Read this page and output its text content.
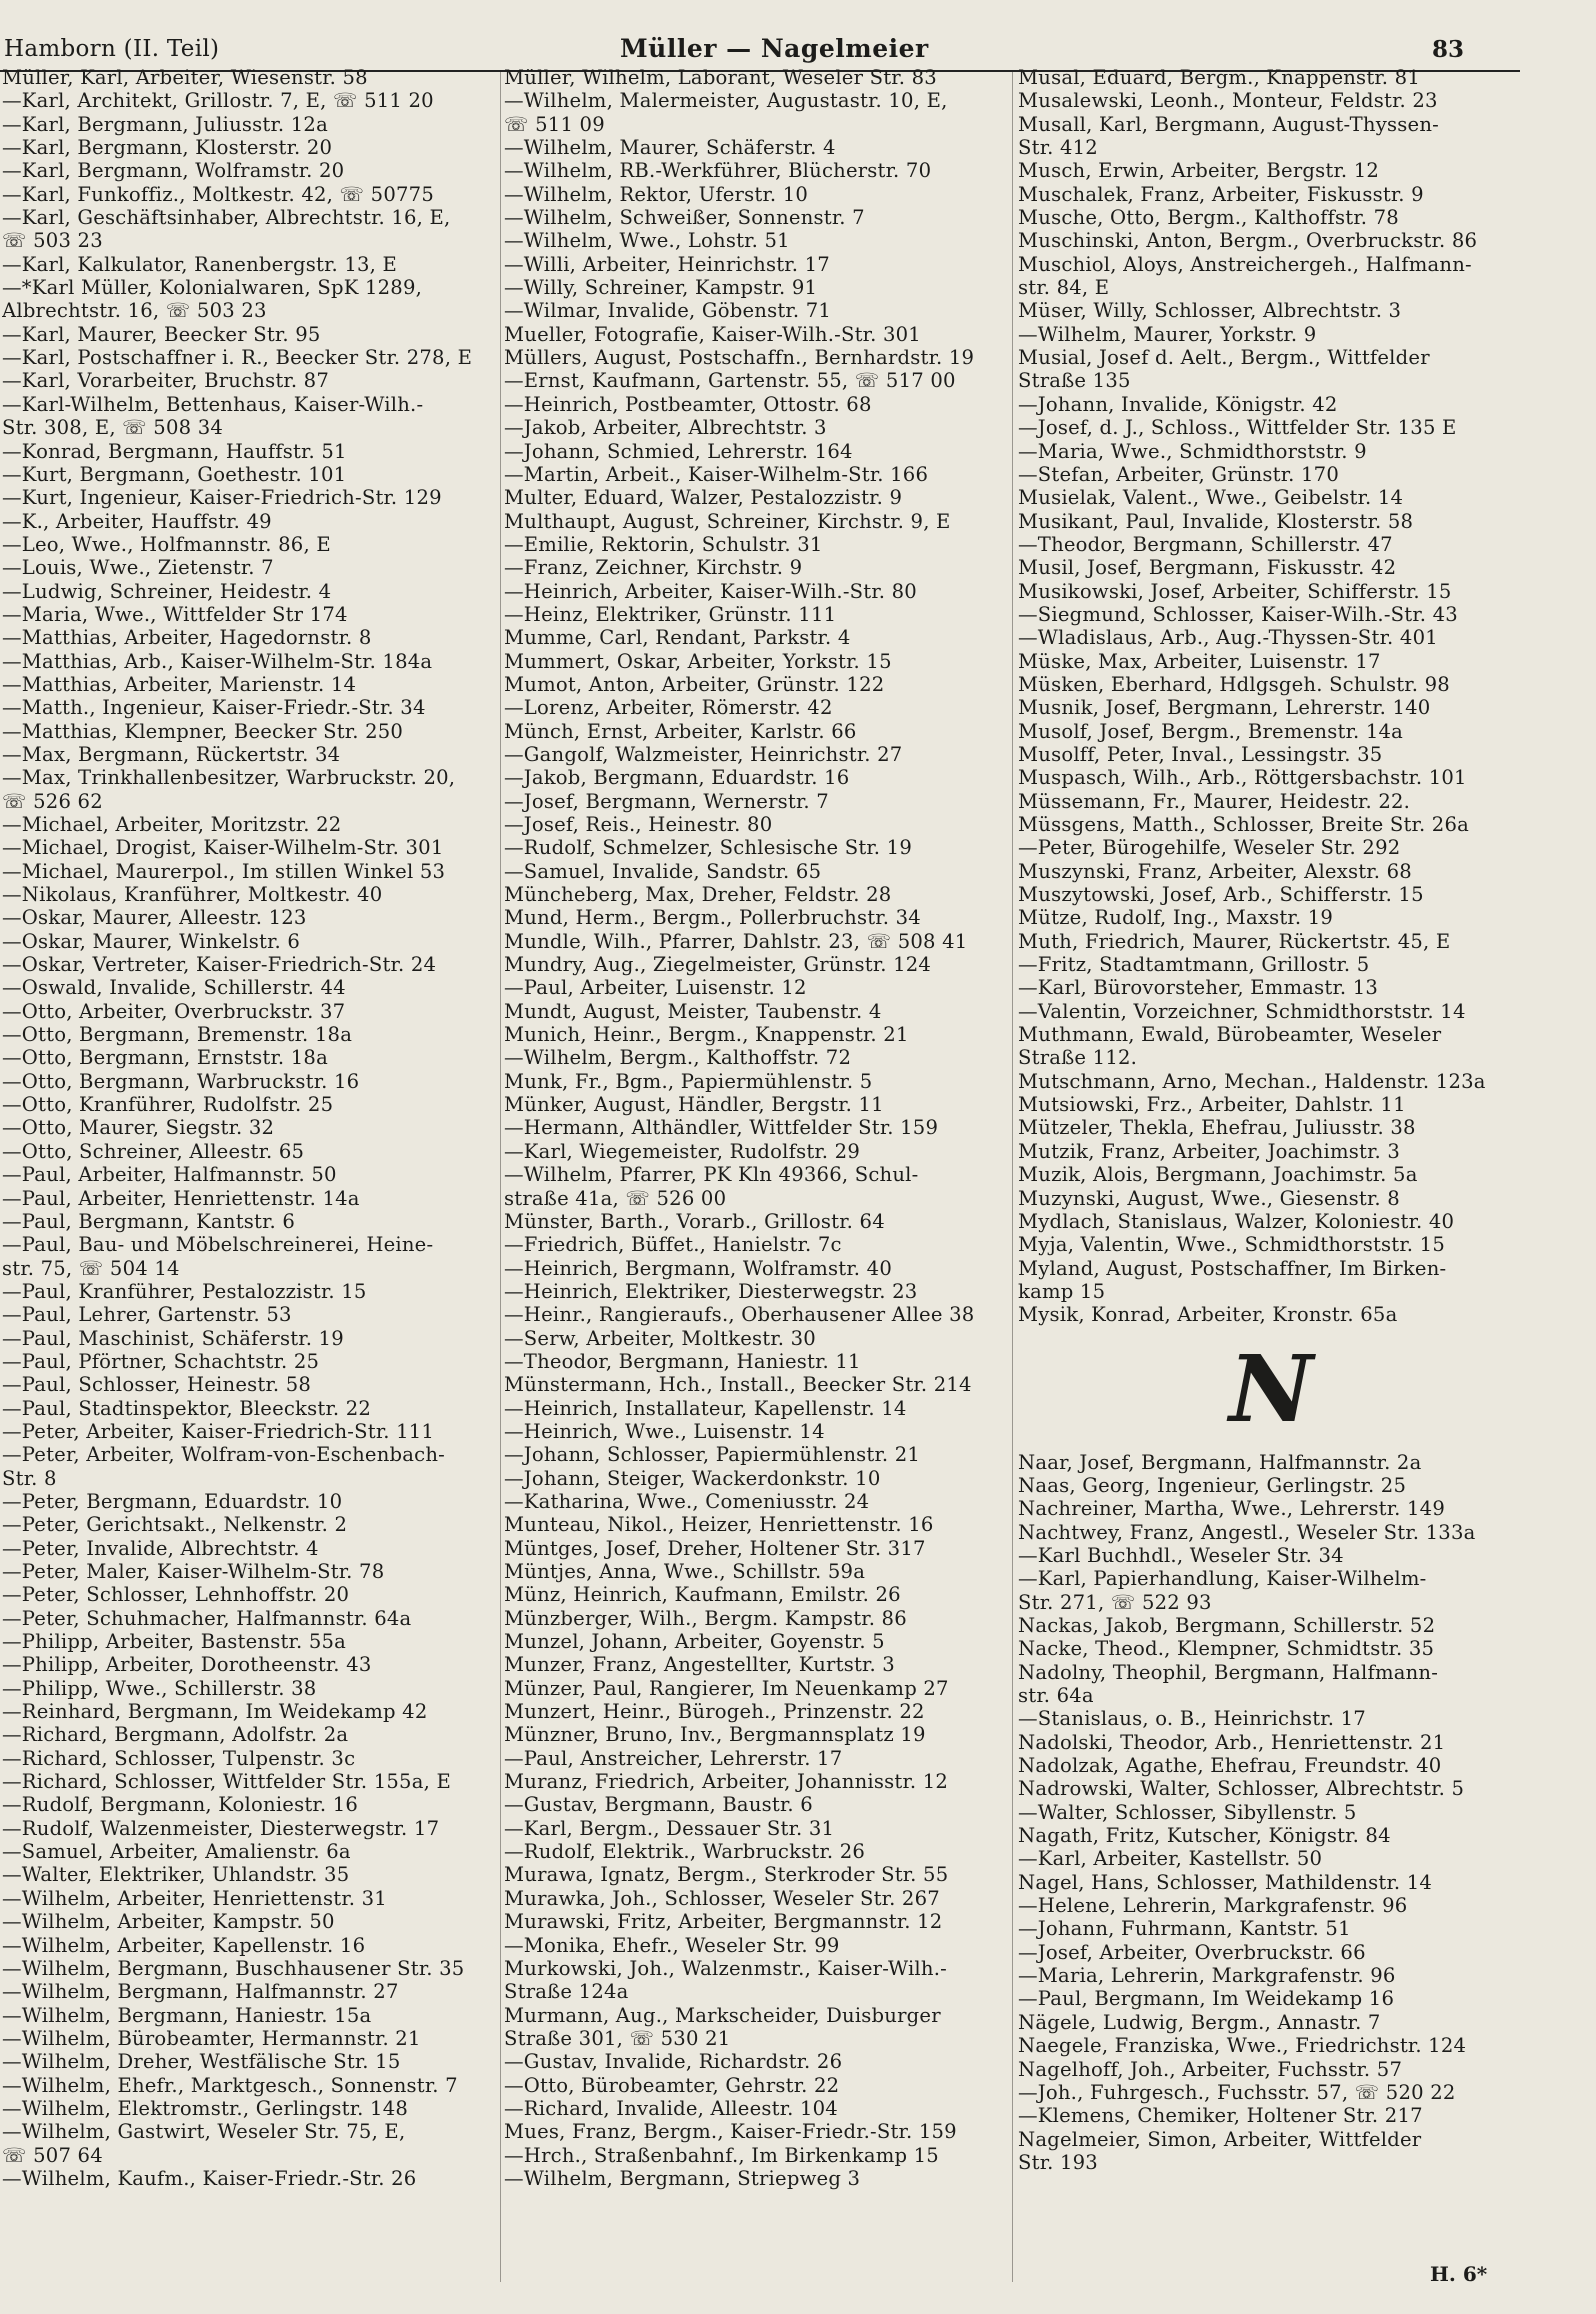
Hamborn (II. Teil)	Müller — Nagelmeier	83
Müller, Karl, Arbeiter, Wiesenstr. 58
—Karl, Architekt, Grillostr. 7, E, ☏ 511 20
—Karl, Bergmann, Juliusstr. 12a
—Karl, Bergmann, Klosterstr. 20
—Karl, Bergmann, Wolframstr. 20
—Karl, Funkoffiz., Moltkestr. 42, ☏ 50775
—Karl, Geschäftsinhaber, Albrechtstr. 16, E,
☏ 503 23
—Karl, Kalkulator, Ranenbergstr. 13, E
—*Karl Müller, Kolonialwaren, SpK 1289,
Albrechtstr. 16, ☏ 503 23
—Karl, Maurer, Beecker Str. 95
—Karl, Postschaffner i. R., Beecker Str. 278, E
—Karl, Vorarbeiter, Bruchstr. 87
—Karl-Wilhelm, Bettenhaus, Kaiser-Wilh.-
Str. 308, E, ☏ 508 34
—Konrad, Bergmann, Hauffstr. 51
—Kurt, Bergmann, Goethestr. 101
—Kurt, Ingenieur, Kaiser-Friedrich-Str. 129
—K., Arbeiter, Hauffstr. 49
—Leo, Wwe., Holfmannstr. 86, E
—Louis, Wwe., Zietenstr. 7
—Ludwig, Schreiner, Heidestr. 4
—Maria, Wwe., Wittfelder Str 174
—Matthias, Arbeiter, Hagedornstr. 8
—Matthias, Arb., Kaiser-Wilhelm-Str. 184a
—Matthias, Arbeiter, Marienstr. 14
—Matth., Ingenieur, Kaiser-Friedr.-Str. 34
—Matthias, Klempner, Beecker Str. 250
—Max, Bergmann, Rückertstr. 34
—Max, Trinkhallenbesitzer, Warbruckstr. 20,
☏ 526 62
—Michael, Arbeiter, Moritzstr. 22
—Michael, Drogist, Kaiser-Wilhelm-Str. 301
—Michael, Maurerpol., Im stillen Winkel 53
—Nikolaus, Kranführer, Moltkestr. 40
—Oskar, Maurer, Alleestr. 123
—Oskar, Maurer, Winkelstr. 6
—Oskar, Vertreter, Kaiser-Friedrich-Str. 24
—Oswald, Invalide, Schillerstr. 44
—Otto, Arbeiter, Overbruckstr. 37
—Otto, Bergmann, Bremenstr. 18a
—Otto, Bergmann, Ernststr. 18a
—Otto, Bergmann, Warbruckstr. 16
—Otto, Kranführer, Rudolfstr. 25
—Otto, Maurer, Siegstr. 32
—Otto, Schreiner, Alleestr. 65
—Paul, Arbeiter, Halfmannstr. 50
—Paul, Arbeiter, Henriettenstr. 14a
—Paul, Bergmann, Kantstr. 6
—Paul, Bau- und Möbelschreinerei, Heine-
str. 75, ☏ 504 14
—Paul, Kranführer, Pestalozzistr. 15
—Paul, Lehrer, Gartenstr. 53
—Paul, Maschinist, Schäferstr. 19
—Paul, Pförtner, Schachtstr. 25
—Paul, Schlosser, Heinestr. 58
—Paul, Stadtinspektor, Bleeckstr. 22
—Peter, Arbeiter, Kaiser-Friedrich-Str. 111
—Peter, Arbeiter, Wolfram-von-Eschenbach-
Str. 8
—Peter, Bergmann, Eduardstr. 10
—Peter, Gerichtsakt., Nelkenstr. 2
—Peter, Invalide, Albrechtstr. 4
—Peter, Maler, Kaiser-Wilhelm-Str. 78
—Peter, Schlosser, Lehnhoffstr. 20
—Peter, Schuhmacher, Halfmannstr. 64a
—Philipp, Arbeiter, Bastenstr. 55a
—Philipp, Arbeiter, Dorotheenstr. 43
—Philipp, Wwe., Schillerstr. 38
—Reinhard, Bergmann, Im Weidekamp 42
—Richard, Bergmann, Adolfstr. 2a
—Richard, Schlosser, Tulpenstr. 3c
—Richard, Schlosser, Wittfelder Str. 155a, E
—Rudolf, Bergmann, Koloniestr. 16
—Rudolf, Walzenmeister, Diesterwegstr. 17
—Samuel, Arbeiter, Amalienstr. 6a
—Walter, Elektriker, Uhlandstr. 35
—Wilhelm, Arbeiter, Henriettenstr. 31
—Wilhelm, Arbeiter, Kampstr. 50
—Wilhelm, Arbeiter, Kapellenstr. 16
—Wilhelm, Bergmann, Buschhausener Str. 35
—Wilhelm, Bergmann, Halfmannstr. 27
—Wilhelm, Bergmann, Haniestr. 15a
—Wilhelm, Bürobeamter, Hermannstr. 21
—Wilhelm, Dreher, Westfälische Str. 15
—Wilhelm, Ehefr., Marktgesch., Sonnenstr. 7
—Wilhelm, Elektromstr., Gerlingstr. 148
—Wilhelm, Gastwirt, Weseler Str. 75, E,
☏ 507 64
—Wilhelm, Kaufm., Kaiser-Friedr.-Str. 26
Müller, Wilhelm, Laborant, Weseler Str. 83
—Wilhelm, Malermeister, Augustastr. 10, E,
☏ 511 09
—Wilhelm, Maurer, Schäferstr. 4
—Wilhelm, RB.-Werkführer, Blücherstr. 70
—Wilhelm, Rektor, Uferstr. 10
—Wilhelm, Schweißer, Sonnenstr. 7
—Wilhelm, Wwe., Lohstr. 51
—Willi, Arbeiter, Heinrichstr. 17
—Willy, Schreiner, Kampstr. 91
—Wilmar, Invalide, Göbenstr. 71
Mueller, Fotografie, Kaiser-Wilh.-Str. 301
Müllers, August, Postschaffn., Bernhardstr. 19
—Ernst, Kaufmann, Gartenstr. 55, ☏ 517 00
—Heinrich, Postbeamter, Ottostr. 68
—Jakob, Arbeiter, Albrechtstr. 3
—Johann, Schmied, Lehrerstr. 164
—Martin, Arbeit., Kaiser-Wilhelm-Str. 166
Multer, Eduard, Walzer, Pestalozzistr. 9
Multhaupt, August, Schreiner, Kirchstr. 9, E
—Emilie, Rektorin, Schulstr. 31
—Franz, Zeichner, Kirchstr. 9
—Heinrich, Arbeiter, Kaiser-Wilh.-Str. 80
—Heinz, Elektriker, Grünstr. 111
Mumme, Carl, Rendant, Parkstr. 4
Mummert, Oskar, Arbeiter, Yorkstr. 15
Mumot, Anton, Arbeiter, Grünstr. 122
—Lorenz, Arbeiter, Römerstr. 42
Münch, Ernst, Arbeiter, Karlstr. 66
—Gangolf, Walzmeister, Heinrichstr. 27
—Jakob, Bergmann, Eduardstr. 16
—Josef, Bergmann, Wernerstr. 7
—Josef, Reis., Heinestr. 80
—Rudolf, Schmelzer, Schlesische Str. 19
—Samuel, Invalide, Sandstr. 65
Müncheberg, Max, Dreher, Feldstr. 28
Mund, Herm., Bergm., Pollerbruchstr. 34
Mundle, Wilh., Pfarrer, Dahlstr. 23, ☏ 508 41
Mundry, Aug., Ziegelmeister, Grünstr. 124
—Paul, Arbeiter, Luisenstr. 12
Mundt, August, Meister, Taubenstr. 4
Munich, Heinr., Bergm., Knappenstr. 21
—Wilhelm, Bergm., Kalthoffstr. 72
Munk, Fr., Bgm., Papiermühlenstr. 5
Münker, August, Händler, Bergstr. 11
—Hermann, Althändler, Wittfelder Str. 159
—Karl, Wiegemeister, Rudolfstr. 29
—Wilhelm, Pfarrer, PK Kln 49366, Schul-
straße 41a, ☏ 526 00
Münster, Barth., Vorarb., Grillostr. 64
—Friedrich, Büffet., Hanielstr. 7c
—Heinrich, Bergmann, Wolframstr. 40
—Heinrich, Elektriker, Diesterwegstr. 23
—Heinr., Rangieraufs., Oberhausener Allee 38
—Serw, Arbeiter, Moltkestr. 30
—Theodor, Bergmann, Haniestr. 11
Münstermann, Hch., Install., Beecker Str. 214
—Heinrich, Installateur, Kapellenstr. 14
—Heinrich, Wwe., Luisenstr. 14
—Johann, Schlosser, Papiermühlenstr. 21
—Johann, Steiger, Wackerdonkstr. 10
—Katharina, Wwe., Comeniusstr. 24
Munteau, Nikol., Heizer, Henriettenstr. 16
Müntges, Josef, Dreher, Holtener Str. 317
Müntjes, Anna, Wwe., Schillstr. 59a
Münz, Heinrich, Kaufmann, Emilstr. 26
Münzberger, Wilh., Bergm. Kampstr. 86
Munzel, Johann, Arbeiter, Goyenstr. 5
Munzer, Franz, Angestellter, Kurtstr. 3
Münzer, Paul, Rangierer, Im Neuenkamp 27
Munzert, Heinr., Bürogeh., Prinzenstr. 22
Münzner, Bruno, Inv., Bergmannsplatz 19
—Paul, Anstreicher, Lehrerstr. 17
Muranz, Friedrich, Arbeiter, Johannisstr. 12
—Gustav, Bergmann, Baustr. 6
—Karl, Bergm., Dessauer Str. 31
—Rudolf, Elektrik., Warbruckstr. 26
Murawa, Ignatz, Bergm., Sterkroder Str. 55
Murawka, Joh., Schlosser, Weseler Str. 267
Murawski, Fritz, Arbeiter, Bergmannstr. 12
—Monika, Ehefr., Weseler Str. 99
Murkowski, Joh., Walzenmstr., Kaiser-Wilh.-
Straße 124a
Murmann, Aug., Markscheider, Duisburger
Straße 301, ☏ 530 21
—Gustav, Invalide, Richardstr. 26
—Otto, Bürobeamter, Gehrstr. 22
—Richard, Invalide, Alleestr. 104
Mues, Franz, Bergm., Kaiser-Friedr.-Str. 159
—Hrch., Straßenbahnf., Im Birkenkamp 15
—Wilhelm, Bergmann, Striepweg 3
Musal, Eduard, Bergm., Knappenstr. 81
Musalewski, Leonh., Monteur, Feldstr. 23
Musall, Karl, Bergmann, August-Thyssen-
Str. 412
Musch, Erwin, Arbeiter, Bergstr. 12
Muschalek, Franz, Arbeiter, Fiskusstr. 9
Musche, Otto, Bergm., Kalthoffstr. 78
Muschinski, Anton, Bergm., Overbruckstr. 86
Muschiol, Aloys, Anstreichergeh., Halfmann-
str. 84, E
Müser, Willy, Schlosser, Albrechtstr. 3
—Wilhelm, Maurer, Yorkstr. 9
Musial, Josef d. Aelt., Bergm., Wittfelder
Straße 135
—Johann, Invalide, Königstr. 42
—Josef, d. J., Schloss., Wittfelder Str. 135 E
—Maria, Wwe., Schmidthorststr. 9
—Stefan, Arbeiter, Grünstr. 170
Musielak, Valent., Wwe., Geibelstr. 14
Musikant, Paul, Invalide, Klosterstr. 58
—Theodor, Bergmann, Schillerstr. 47
Musil, Josef, Bergmann, Fiskusstr. 42
Musikowski, Josef, Arbeiter, Schifferstr. 15
—Siegmund, Schlosser, Kaiser-Wilh.-Str. 43
—Wladislaus, Arb., Aug.-Thyssen-Str. 401
Müske, Max, Arbeiter, Luisenstr. 17
Müsken, Eberhard, Hdlgsgeh. Schulstr. 98
Musnik, Josef, Bergmann, Lehrerstr. 140
Musolf, Josef, Bergm., Bremenstr. 14a
Musolff, Peter, Inval., Lessingstr. 35
Muspasch, Wilh., Arb., Röttgersbachstr. 101
Müssemann, Fr., Maurer, Heidestr. 22.
Müssgens, Matth., Schlosser, Breite Str. 26a
—Peter, Bürogehilfe, Weseler Str. 292
Muszynski, Franz, Arbeiter, Alexstr. 68
Muszytowski, Josef, Arb., Schifferstr. 15
Mütze, Rudolf, Ing., Maxstr. 19
Muth, Friedrich, Maurer, Rückertstr. 45, E
—Fritz, Stadtamtmann, Grillostr. 5
—Karl, Bürovorsteher, Emmastr. 13
—Valentin, Vorzeichner, Schmidthorststr. 14
Muthmann, Ewald, Bürobeamter, Weseler
Straße 112.
Mutschmann, Arno, Mechan., Haldenstr. 123a
Mutsiowski, Frz., Arbeiter, Dahlstr. 11
Mützeler, Thekla, Ehefrau, Juliusstr. 38
Mutzik, Franz, Arbeiter, Joachimstr. 3
Muzik, Alois, Bergmann, Joachimstr. 5a
Muzynski, August, Wwe., Giesenstr. 8
Mydlach, Stanislaus, Walzer, Koloniestr. 40
Myja, Valentin, Wwe., Schmidthorststr. 15
Myland, August, Postschaffner, Im Birken-
kamp 15
Mysik, Konrad, Arbeiter, Kronstr. 65a
N
Naar, Josef, Bergmann, Halfmannstr. 2a
Naas, Georg, Ingenieur, Gerlingstr. 25
Nachreiner, Martha, Wwe., Lehrerstr. 149
Nachtwey, Franz, Angestl., Weseler Str. 133a
—Karl Buchhdl., Weseler Str. 34
—Karl, Papierhandlung, Kaiser-Wilhelm-
Str. 271, ☏ 522 93
Nackas, Jakob, Bergmann, Schillerstr. 52
Nacke, Theod., Klempner, Schmidtstr. 35
Nadolny, Theophil, Bergmann, Halfmann-
str. 64a
—Stanislaus, o. B., Heinrichstr. 17
Nadolski, Theodor, Arb., Henriettenstr. 21
Nadolzak, Agathe, Ehefrau, Freundstr. 40
Nadrowski, Walter, Schlosser, Albrechtstr. 5
—Walter, Schlosser, Sibyllenstr. 5
Nagath, Fritz, Kutscher, Königstr. 84
—Karl, Arbeiter, Kastellstr. 50
Nagel, Hans, Schlosser, Mathildenstr. 14
—Helene, Lehrerin, Markgrafenstr. 96
—Johann, Fuhrmann, Kantstr. 51
—Josef, Arbeiter, Overbruckstr. 66
—Maria, Lehrerin, Markgrafenstr. 96
—Paul, Bergmann, Im Weidekamp 16
Nägele, Ludwig, Bergm., Annastr. 7
Naegele, Franziska, Wwe., Friedrichstr. 124
Nagelhoff, Joh., Arbeiter, Fuchsstr. 57
—Joh., Fuhrgesch., Fuchsstr. 57, ☏ 520 22
—Klemens, Chemiker, Holtener Str. 217
Nagelmeier, Simon, Arbeiter, Wittfelder
Str. 193
H. 6*
